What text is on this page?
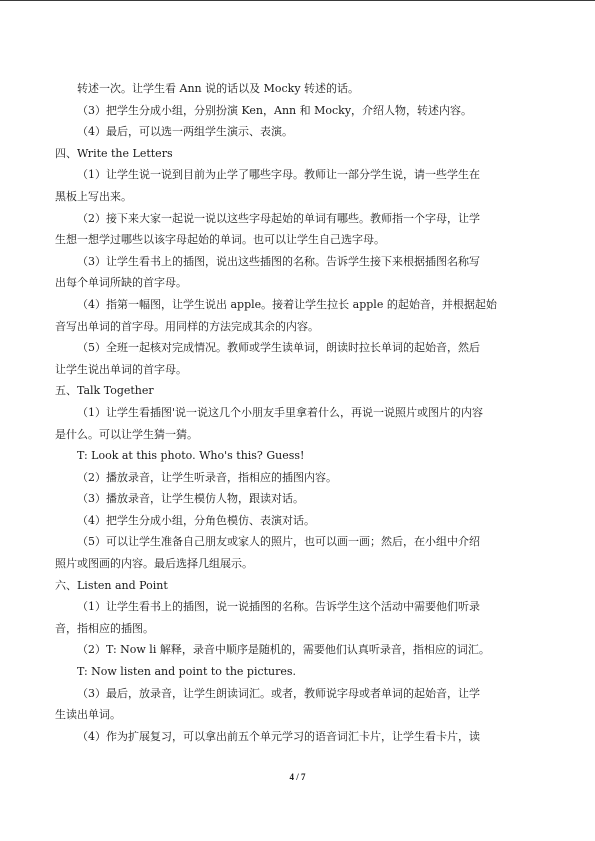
转述一次。让学生看 Ann 说的话以及 Mocky 转述的话。
（3）把学生分成小组，分别扮演 Ken，Ann 和 Mocky，介绍人物，转述内容。
（4）最后，可以选一两组学生演示、表演。
四、Write the Letters
（1）让学生说一说到目前为止学了哪些字母。教师让一部分学生说，请一些学生在
黑板上写出来。
（2）接下来大家一起说一说以这些字母起始的单词有哪些。教师指一个字母，让学
生想一想学过哪些以该字母起始的单词。也可以让学生自己选字母。
（3）让学生看书上的插图，说出这些插图的名称。告诉学生接下来根据插图名称写
出每个单词所缺的首字母。
（4）指第一幅图，让学生说出 apple。接着让学生拉长 apple 的起始音，并根据起始
音写出单词的首字母。用同样的方法完成其余的内容。
（5）全班一起核对完成情况。教师或学生读单词，朗读时拉长单词的起始音，然后
让学生说出单词的首字母。
五、Talk Together
（1）让学生看插图'说一说这几个小朋友手里拿着什么，再说一说照片或图片的内容
是什么。可以让学生猜一猜。
T: Look at this photo. Who's this? Guess!
（2）播放录音，让学生听录音，指相应的插图内容。
（3）播放录音，让学生模仿人物，跟读对话。
（4）把学生分成小组，分角色模仿、表演对话。
（5）可以让学生准备自己朋友或家人的照片，也可以画一画；然后，在小组中介绍
照片或图画的内容。最后选择几组展示。
六、Listen and Point
（1）让学生看书上的插图，说一说插图的名称。告诉学生这个活动中需要他们听录
音，指相应的插图。
（2）T: Now li 解释，录音中顺序是随机的，需要他们认真听录音，指相应的词汇。
T: Now listen and point to the pictures.
（3）最后，放录音，让学生朗读词汇。或者，教师说字母或者单词的起始音，让学
生读出单词。
（4）作为扩展复习，可以拿出前五个单元学习的语音词汇卡片，让学生看卡片，读
4 / 7
